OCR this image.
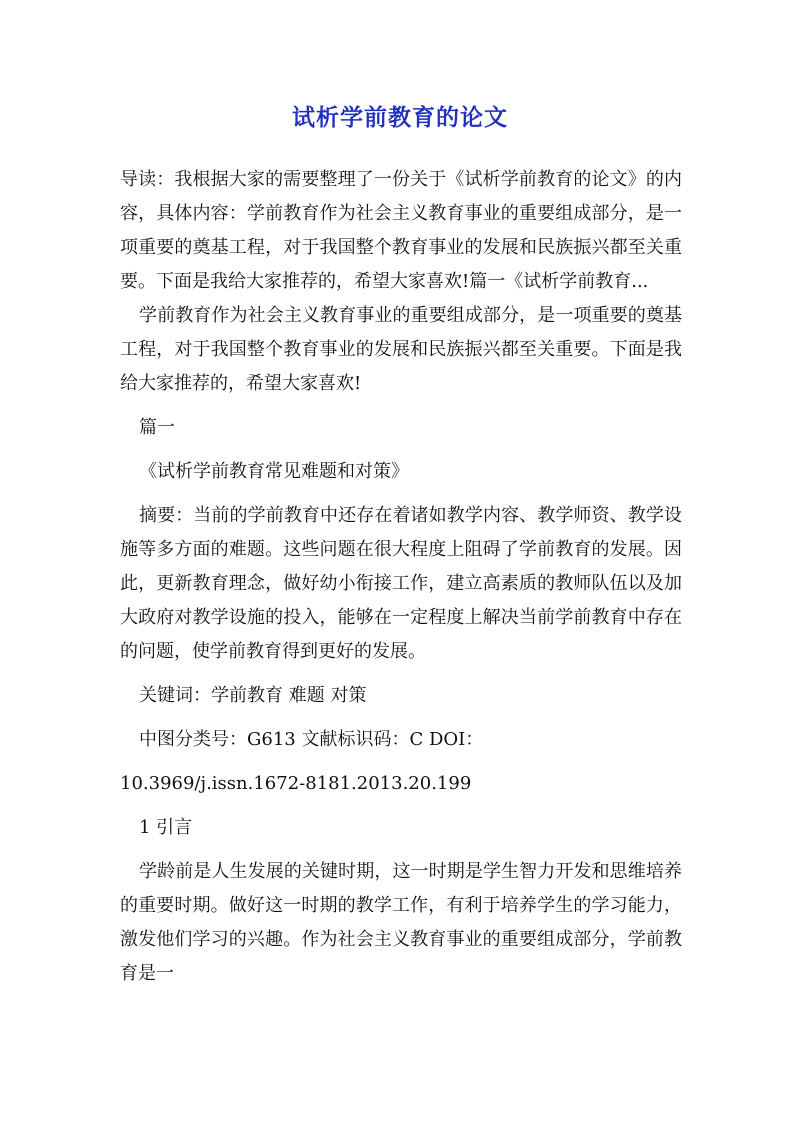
试析学前教育的论文

导读：我根据大家的需要整理了一份关于《试析学前教育的论文》的内容，具体内容：学前教育作为社会主义教育事业的重要组成部分，是一项重要的奠基工程，对于我国整个教育事业的发展和民族振兴都至关重要。下面是我给大家推荐的，希望大家喜欢!篇一《试析学前教育...

学前教育作为社会主义教育事业的重要组成部分，是一项重要的奠基工程，对于我国整个教育事业的发展和民族振兴都至关重要。下面是我给大家推荐的，希望大家喜欢!

篇一

《试析学前教育常见难题和对策》

摘要：当前的学前教育中还存在着诸如教学内容、教学师资、教学设施等多方面的难题。这些问题在很大程度上阻碍了学前教育的发展。因此，更新教育理念，做好幼小衔接工作，建立高素质的教师队伍以及加大政府对教学设施的投入，能够在一定程度上解决当前学前教育中存在的问题，使学前教育得到更好的发展。

关键词：学前教育 难题 对策

中图分类号：G613 文献标识码：C DOI：

10.3969/j.issn.1672-8181.2013.20.199

1 引言

学龄前是人生发展的关键时期，这一时期是学生智力开发和思维培养的重要时期。做好这一时期的教学工作，有利于培养学生的学习能力，激发他们学习的兴趣。作为社会主义教育事业的重要组成部分，学前教育是一
